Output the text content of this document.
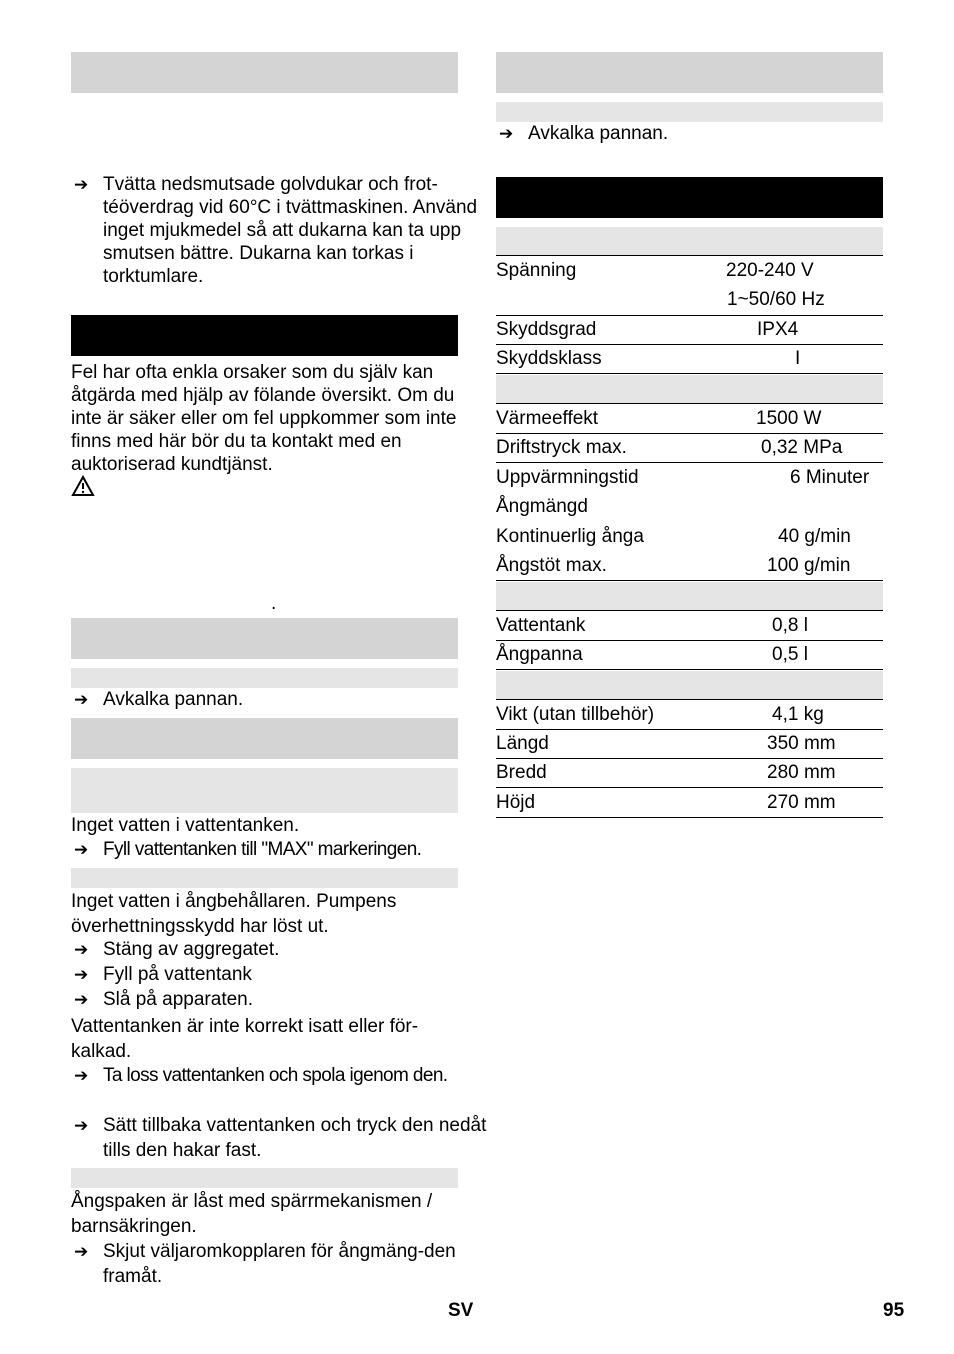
➔ Tvätta nedsmutsade golvdukar och frot-téöverdrag vid 60°C i tvättmaskinen. Använd inget mjukmedel så att dukarna kan ta upp smutsen bättre. Dukarna kan torkas i torktumlare.
Fel har ofta enkla orsaker som du själv kan åtgärda med hjälp av fölande översikt. Om du inte är säker eller om fel uppkommer som inte finns med här bör du ta kontakt med en auktoriserad kundtjänst.
.
➔ Avkalka pannan.
Inget vatten i vattentanken.
➔ Fyll vattentanken till "MAX" markeringen.
Inget vatten i ångbehållaren. Pumpens överhettningsskydd har löst ut.
➔ Stäng av aggregatet.
➔ Fyll på vattentank
➔ Slå på apparaten.
Vattentanken är inte korrekt isatt eller för-kalkad.
➔ Ta loss vattentanken och spola igenom den.
➔ Sätt tillbaka vattentanken och tryck den nedåt tills den hakar fast.
Ångspaken är låst med spärrmekanismen / barnsäkringen.
➔ Skjut väljaromkopplaren för ångmäng-den framåt.
➔ Avkalka pannan.
Spänning	220-240 V
1~50/60 Hz
Skyddsgrad	IPX4
Skyddsklass	I
Värmeeffekt	1500 W
Driftstryck max.	0,32 MPa
Uppvärmningstid	6 Minuter
Ångmängd
Kontinuerlig ånga	40 g/min
Ångstöt max.	100 g/min
Vattentank	0,8 l
Ångpanna	0,5 l
Vikt (utan tillbehör)	4,1 kg
Längd	350 mm
Bredd	280 mm
Höjd	270 mm
SV	95
